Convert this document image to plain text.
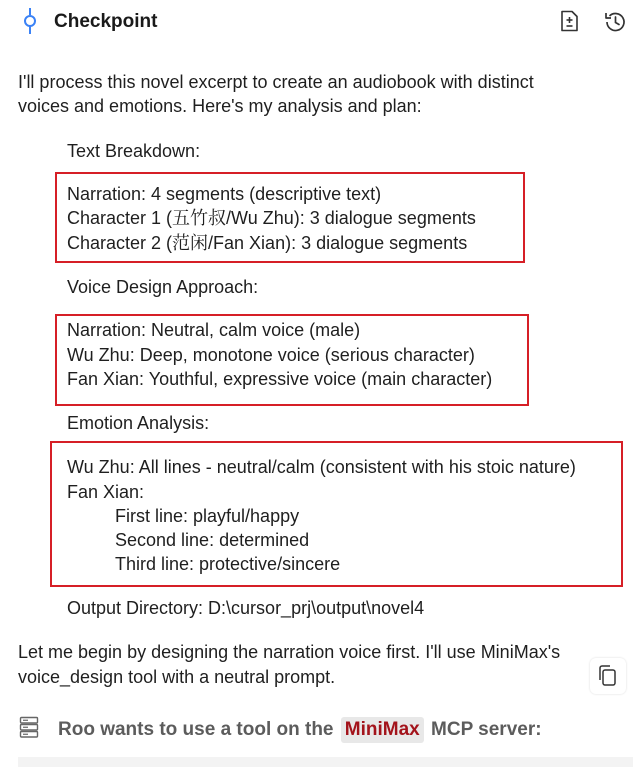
Checkpoint
I'll process this novel excerpt to create an audiobook with distinct
voices and emotions. Here's my analysis and plan:
Text Breakdown:
Narration: 4 segments (descriptive text)
Character 1 (五竹叔/Wu Zhu): 3 dialogue segments
Character 2 (范闲/Fan Xian): 3 dialogue segments
Voice Design Approach:
Narration: Neutral, calm voice (male)
Wu Zhu: Deep, monotone voice (serious character)
Fan Xian: Youthful, expressive voice (main character)
Emotion Analysis:
Wu Zhu: All lines - neutral/calm (consistent with his stoic nature)
Fan Xian:
First line: playful/happy
Second line: determined
Third line: protective/sincere
Output Directory: D:\cursor_prj\output\novel4
Let me begin by designing the narration voice first. I'll use MiniMax's
voice_design tool with a neutral prompt.
Roo wants to use a tool on the MiniMax MCP server:
